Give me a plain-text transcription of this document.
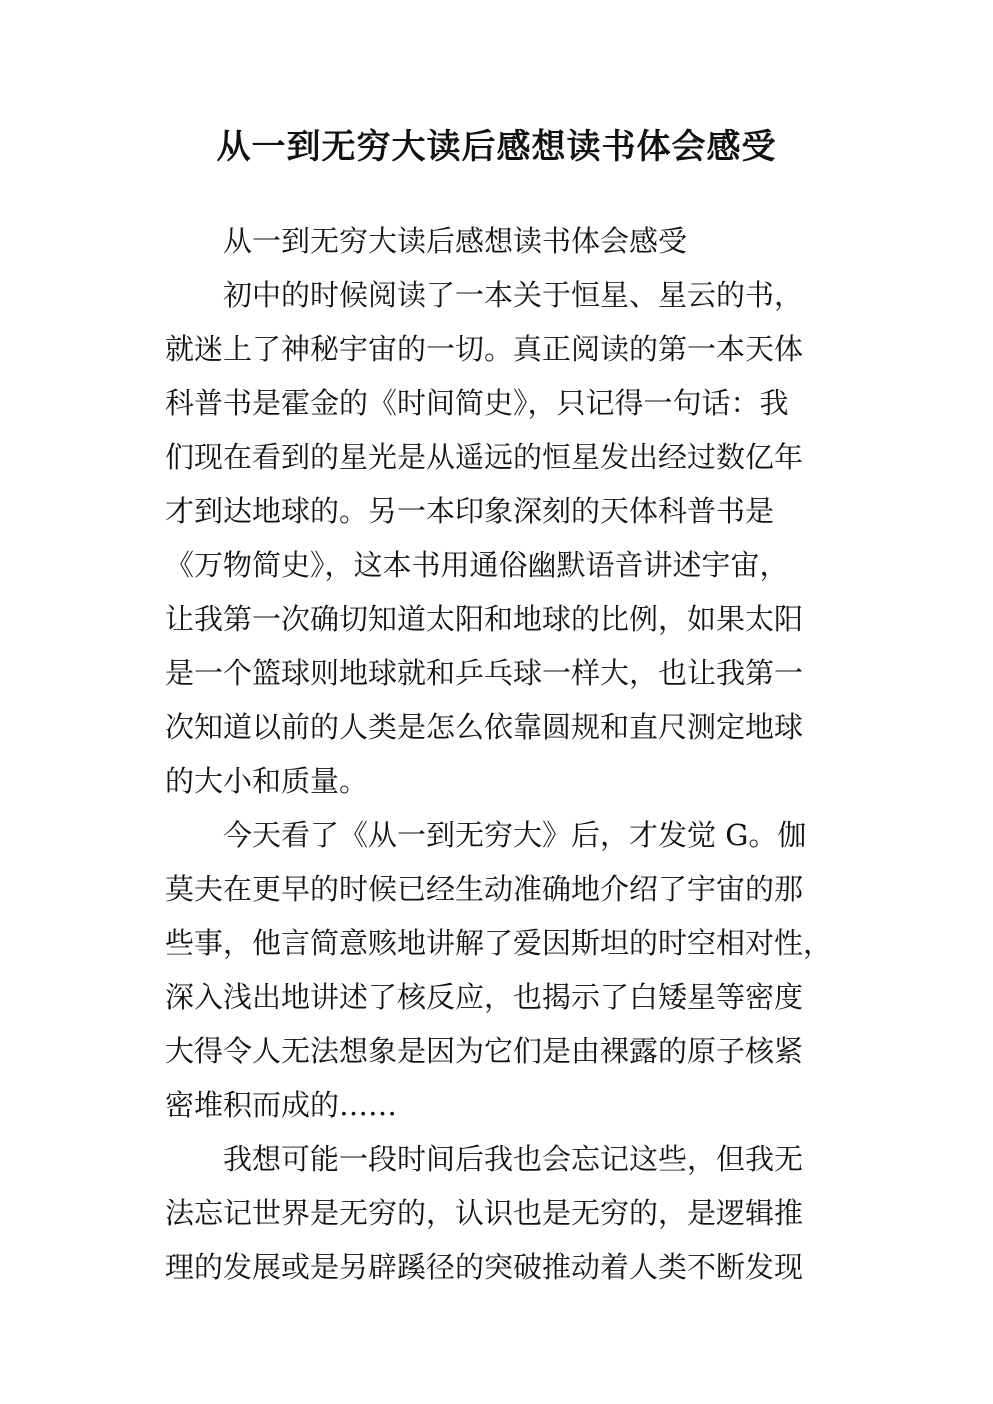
从一到无穷大读后感想读书体会感受

从一到无穷大读后感想读书体会感受

初中的时候阅读了一本关于恒星、星云的书，
就迷上了神秘宇宙的一切。真正阅读的第一本天体
科普书是霍金的《时间简史》，只记得一句话：我
们现在看到的星光是从遥远的恒星发出经过数亿年
才到达地球的。另一本印象深刻的天体科普书是
《万物简史》，这本书用通俗幽默语音讲述宇宙，
让我第一次确切知道太阳和地球的比例，如果太阳
是一个篮球则地球就和乒乓球一样大，也让我第一
次知道以前的人类是怎么依靠圆规和直尺测定地球
的大小和质量。

今天看了《从一到无穷大》后，才发觉 G。伽
莫夫在更早的时候已经生动准确地介绍了宇宙的那
些事，他言简意赅地讲解了爱因斯坦的时空相对性，
深入浅出地讲述了核反应，也揭示了白矮星等密度
大得令人无法想象是因为它们是由裸露的原子核紧
密堆积而成的……

我想可能一段时间后我也会忘记这些，但我无
法忘记世界是无穷的，认识也是无穷的，是逻辑推
理的发展或是另辟蹊径的突破推动着人类不断发现
